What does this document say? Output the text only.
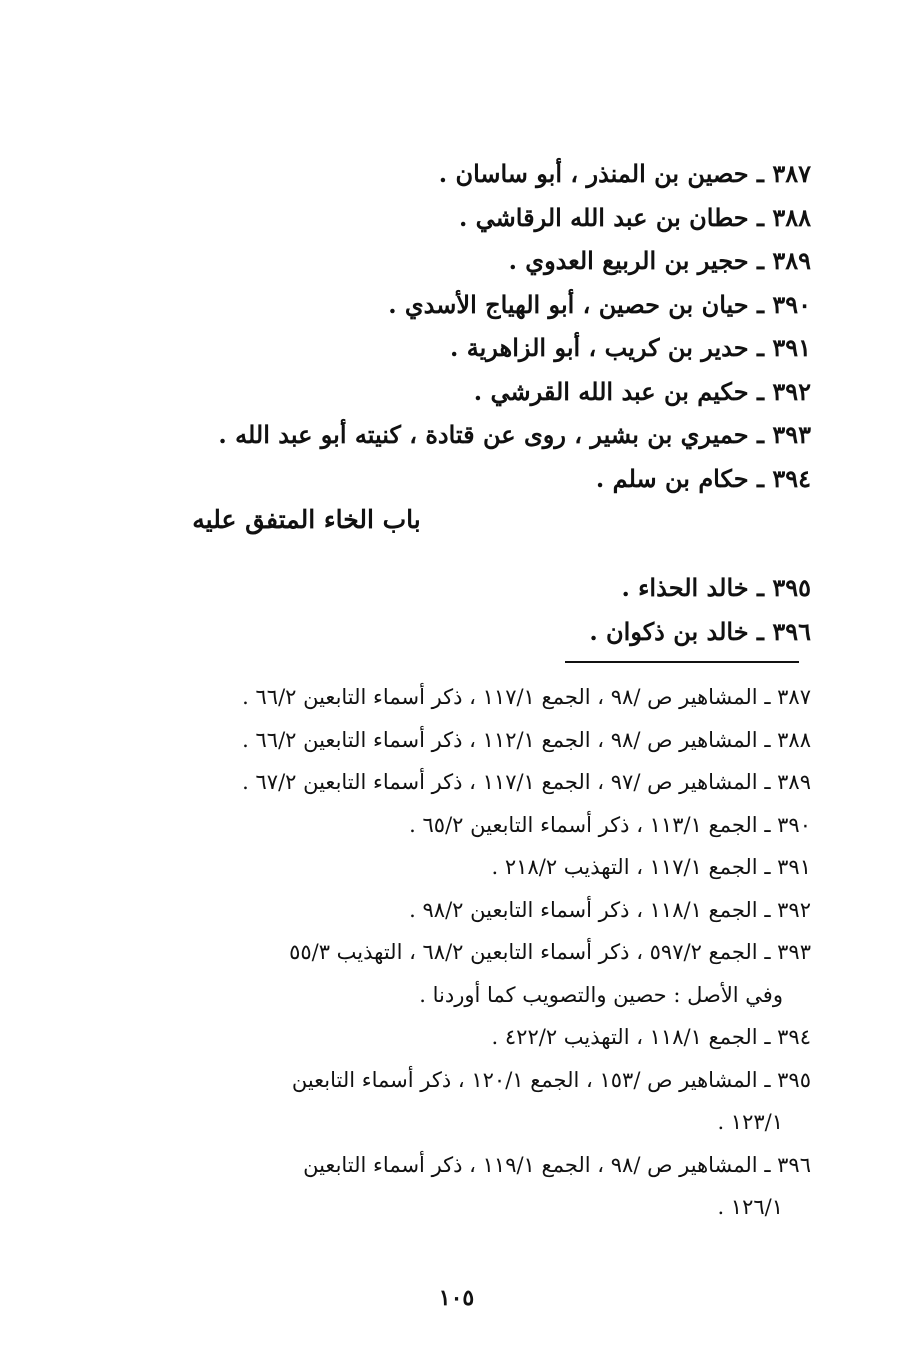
٣٨٧ ـ حصين بن المنذر ، أبو ساسان .
٣٨٨ ـ حطان بن عبد الله الرقاشي .
٣٨٩ ـ حجير بن الربيع العدوي .
٣٩٠ ـ حيان بن حصين ، أبو الهياج الأسدي .
٣٩١ ـ حدير بن كريب ، أبو الزاهرية .
٣٩٢ ـ حكيم بن عبد الله القرشي .
٣٩٣ ـ حميري بن بشير ، روى عن قتادة ، كنيته أبو عبد الله .
٣٩٤ ـ حكام بن سلم .
باب الخاء المتفق عليه
٣٩٥ ـ خالد الحذاء .
٣٩٦ ـ خالد بن ذكوان .
٣٨٧ ـ المشاهير ص /٩٨ ، الجمع ١١٧/١ ، ذكر أسماء التابعين ٦٦/٢ .
٣٨٨ ـ المشاهير ص /٩٨ ، الجمع ١١٢/١ ، ذكر أسماء التابعين ٦٦/٢ .
٣٨٩ ـ المشاهير ص /٩٧ ، الجمع ١١٧/١ ، ذكر أسماء التابعين ٦٧/٢ .
٣٩٠ ـ الجمع ١١٣/١ ، ذكر أسماء التابعين ٦٥/٢ .
٣٩١ ـ الجمع ١١٧/١ ، التهذيب ٢١٨/٢ .
٣٩٢ ـ الجمع ١١٨/١ ، ذكر أسماء التابعين ٩٨/٢ .
٣٩٣ ـ الجمع ٥٩٧/٢ ، ذكر أسماء التابعين ٦٨/٢ ، التهذيب ٥٥/٣
وفي الأصل : حصين والتصويب كما أوردنا .
٣٩٤ ـ الجمع ١١٨/١ ، التهذيب ٤٢٢/٢ .
٣٩٥ ـ المشاهير ص /١٥٣ ، الجمع ١٢٠/١ ، ذكر أسماء التابعين
١٢٣/١ .
٣٩٦ ـ المشاهير ص /٩٨ ، الجمع ١١٩/١ ، ذكر أسماء التابعين
١٢٦/١ .
١٠٥
